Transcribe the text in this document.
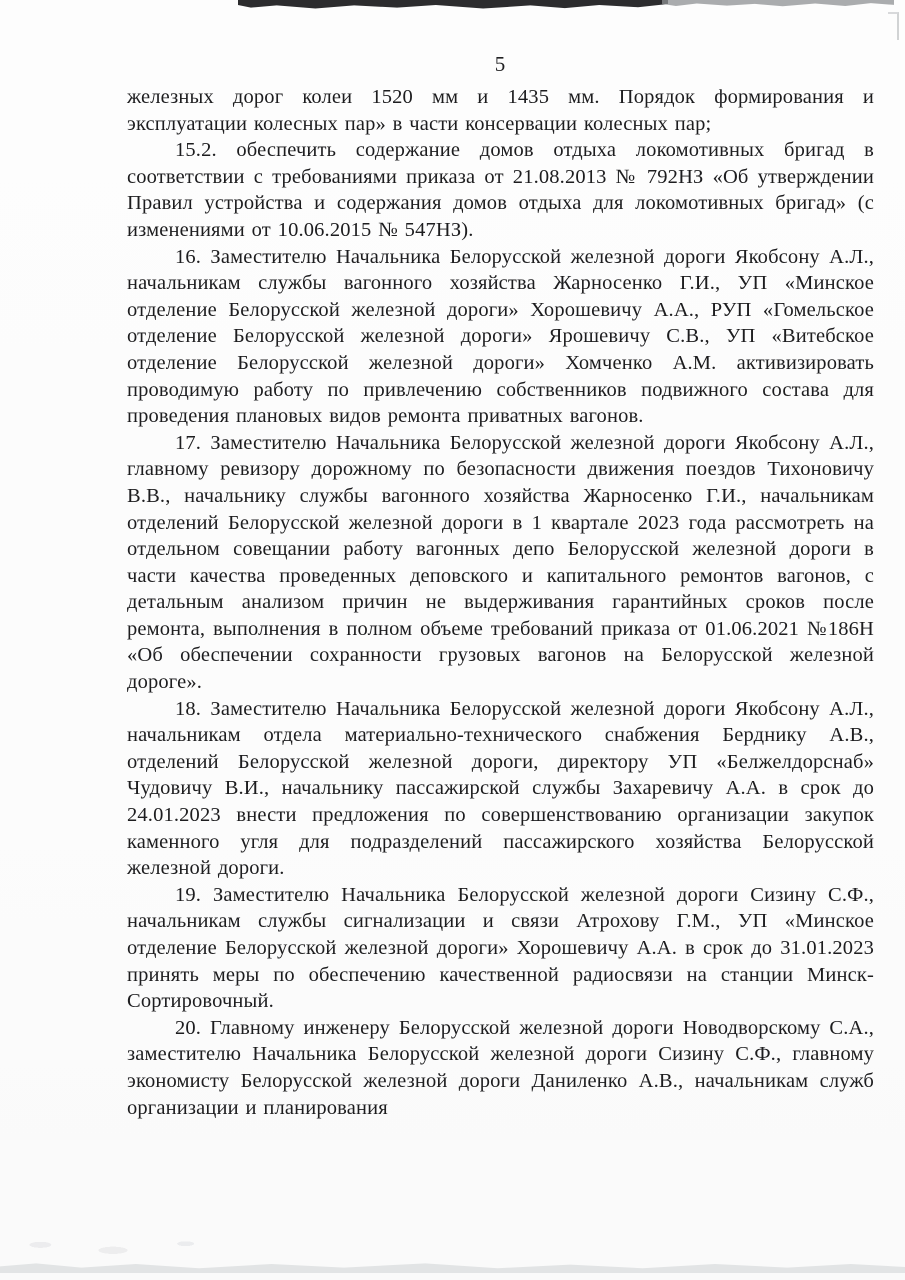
5

железных дорог колеи 1520 мм и 1435 мм. Порядок формирования и эксплуатации колесных пар» в части консервации колесных пар;

15.2. обеспечить содержание домов отдыха локомотивных бригад в соответствии с требованиями приказа от 21.08.2013 № 792НЗ «Об утверждении Правил устройства и содержания домов отдыха для локомотивных бригад» (с изменениями от 10.06.2015 № 547НЗ).

16. Заместителю Начальника Белорусской железной дороги Якобсону А.Л., начальникам службы вагонного хозяйства Жарносенко Г.И., УП «Минское отделение Белорусской железной дороги» Хорошевичу А.А., РУП «Гомельское отделение Белорусской железной дороги» Ярошевичу С.В., УП «Витебское отделение Белорусской железной дороги» Хомченко А.М. активизировать проводимую работу по привлечению собственников подвижного состава для проведения плановых видов ремонта приватных вагонов.

17. Заместителю Начальника Белорусской железной дороги Якобсону А.Л., главному ревизору дорожному по безопасности движения поездов Тихоновичу В.В., начальнику службы вагонного хозяйства Жарносенко Г.И., начальникам отделений Белорусской железной дороги в 1 квартале 2023 года рассмотреть на отдельном совещании работу вагонных депо Белорусской железной дороги в части качества проведенных деповского и капитального ремонтов вагонов, с детальным анализом причин не выдерживания гарантийных сроков после ремонта, выполнения в полном объеме требований приказа от 01.06.2021 №186Н «Об обеспечении сохранности грузовых вагонов на Белорусской железной дороге».

18. Заместителю Начальника Белорусской железной дороги Якобсону А.Л., начальникам отдела материально-технического снабжения Берднику А.В., отделений Белорусской железной дороги, директору УП «Белжелдорснаб» Чудовичу В.И., начальнику пассажирской службы Захаревичу А.А. в срок до 24.01.2023 внести предложения по совершенствованию организации закупок каменного угля для подразделений пассажирского хозяйства Белорусской железной дороги.

19. Заместителю Начальника Белорусской железной дороги Сизину С.Ф., начальникам службы сигнализации и связи Атрохову Г.М., УП «Минское отделение Белорусской железной дороги» Хорошевичу А.А. в срок до 31.01.2023 принять меры по обеспечению качественной радиосвязи на станции Минск-Сортировочный.

20. Главному инженеру Белорусской железной дороги Новодворскому С.А., заместителю Начальника Белорусской железной дороги Сизину С.Ф., главному экономисту Белорусской железной дороги Даниленко А.В., начальникам служб организации и планирования
